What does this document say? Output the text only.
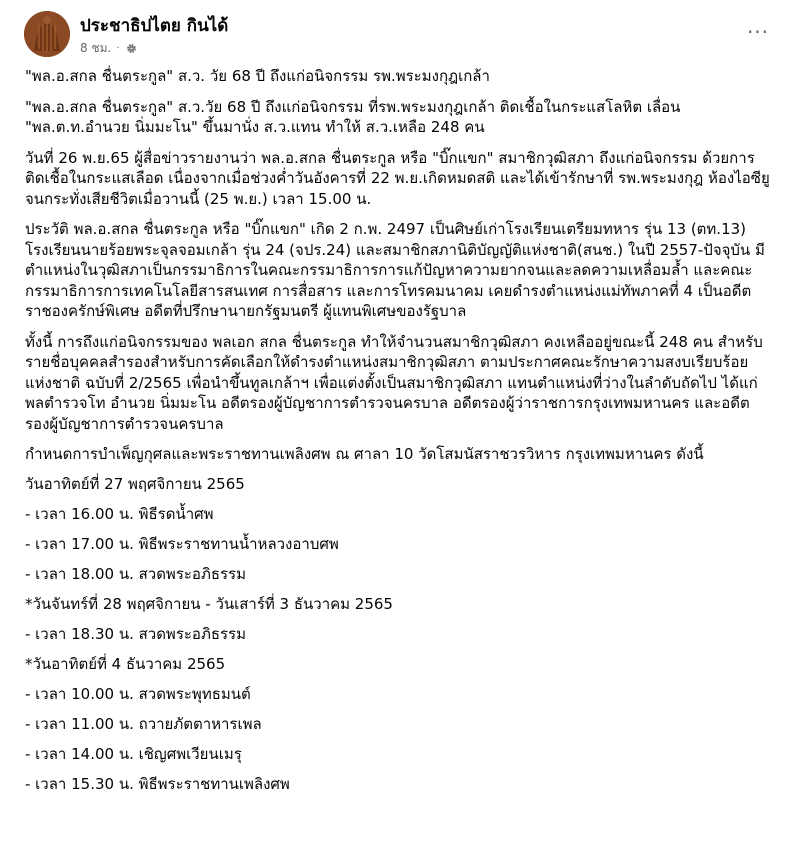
ประชาธิปไตย กินได้
8 ชม. ·
···

"พล.อ.สกล ชื่นตระกูล" ส.ว. วัย 68 ปี ถึงแก่อนิจกรรม รพ.พระมงกุฎเกล้า

"พล.อ.สกล ชื่นตระกูล" ส.ว.วัย 68 ปี ถึงแก่อนิจกรรม ที่รพ.พระมงกุฎเกล้า ติดเชื้อในกระแสโลหิต เลื่อน "พล.ต.ท.อำนวย นิ่มมะโน" ขึ้นมานั่ง ส.ว.แทน ทำให้ ส.ว.เหลือ 248 คน

วันที่ 26 พ.ย.65 ผู้สื่อข่าวรายงานว่า พล.อ.สกล ชื่นตระกูล หรือ "บิ๊กแขก" สมาชิกวุฒิสภา ถึงแก่อนิจกรรม ด้วยการติดเชื้อในกระแสเลือด เนื่องจากเมื่อช่วงค่ำวันอังคารที่ 22 พ.ย.เกิดหมดสติ และได้เข้ารักษาที่ รพ.พระมงกุฎ ห้องไอซียู จนกระทั่งเสียชีวิตเมื่อวานนี้ (25 พ.ย.) เวลา 15.00 น.

ประวัติ พล.อ.สกล ชื่นตระกูล หรือ "บิ๊กแขก" เกิด 2 ก.พ. 2497 เป็นศิษย์เก่าโรงเรียนเตรียมทหาร รุ่น 13 (ตท.13) โรงเรียนนายร้อยพระจุลจอมเกล้า รุ่น 24 (จปร.24) และสมาชิกสภานิติบัญญัติแห่งชาติ(สนช.) ในปี 2557-ปัจจุบัน มีตำแหน่งในวุฒิสภาเป็นกรรมาธิการในคณะกรรมาธิการการแก้ปัญหาความยากจนและลดความเหลื่อมล้ำ และคณะกรรมาธิการการเทคโนโลยีสารสนเทศ การสื่อสาร และการโทรคมนาคม เคยดำรงตำแหน่งแม่ทัพภาคที่ 4 เป็นอดีตราชองครักษ์พิเศษ อดีตที่ปรึกษานายกรัฐมนตรี ผู้แทนพิเศษของรัฐบาล

ทั้งนี้ การถึงแก่อนิจกรรมของ พลเอก สกล ชื่นตระกูล ทำให้จำนวนสมาชิกวุฒิสภา คงเหลืออยู่ขณะนี้ 248 คน สำหรับรายชื่อบุคคลสำรองสำหรับการคัดเลือกให้ดำรงตำแหน่งสมาชิกวุฒิสภา ตามประกาศคณะรักษาความสงบเรียบร้อยแห่งชาติ ฉบับที่ 2/2565 เพื่อนำขึ้นทูลเกล้าฯ เพื่อแต่งตั้งเป็นสมาชิกวุฒิสภา แทนตำแหน่งที่ว่างในลำดับถัดไป ได้แก่ พลตำรวจโท อำนวย นิ่มมะโน อดีตรองผู้บัญชาการตำรวจนครบาล อดีตรองผู้ว่าราชการกรุงเทพมหานคร และอดีตรองผู้บัญชาการตำรวจนครบาล

กำหนดการบำเพ็ญกุศลและพระราชทานเพลิงศพ ณ ศาลา 10 วัดโสมนัสราชวรวิหาร กรุงเทพมหานคร ดังนี้

วันอาทิตย์ที่ 27 พฤศจิกายน 2565
- เวลา 16.00 น. พิธีรดน้ำศพ
- เวลา 17.00 น. พิธีพระราชทานน้ำหลวงอาบศพ
- เวลา 18.00 น. สวดพระอภิธรรม
*วันจันทร์ที่ 28 พฤศจิกายน - วันเสาร์ที่ 3 ธันวาคม 2565
- เวลา 18.30 น. สวดพระอภิธรรม
*วันอาทิตย์ที่ 4 ธันวาคม 2565
- เวลา 10.00 น. สวดพระพุทธมนต์
- เวลา 11.00 น. ถวายภัตตาหารเพล
- เวลา 14.00 น. เชิญศพเวียนเมรุ
- เวลา 15.30 น. พิธีพระราชทานเพลิงศพ
